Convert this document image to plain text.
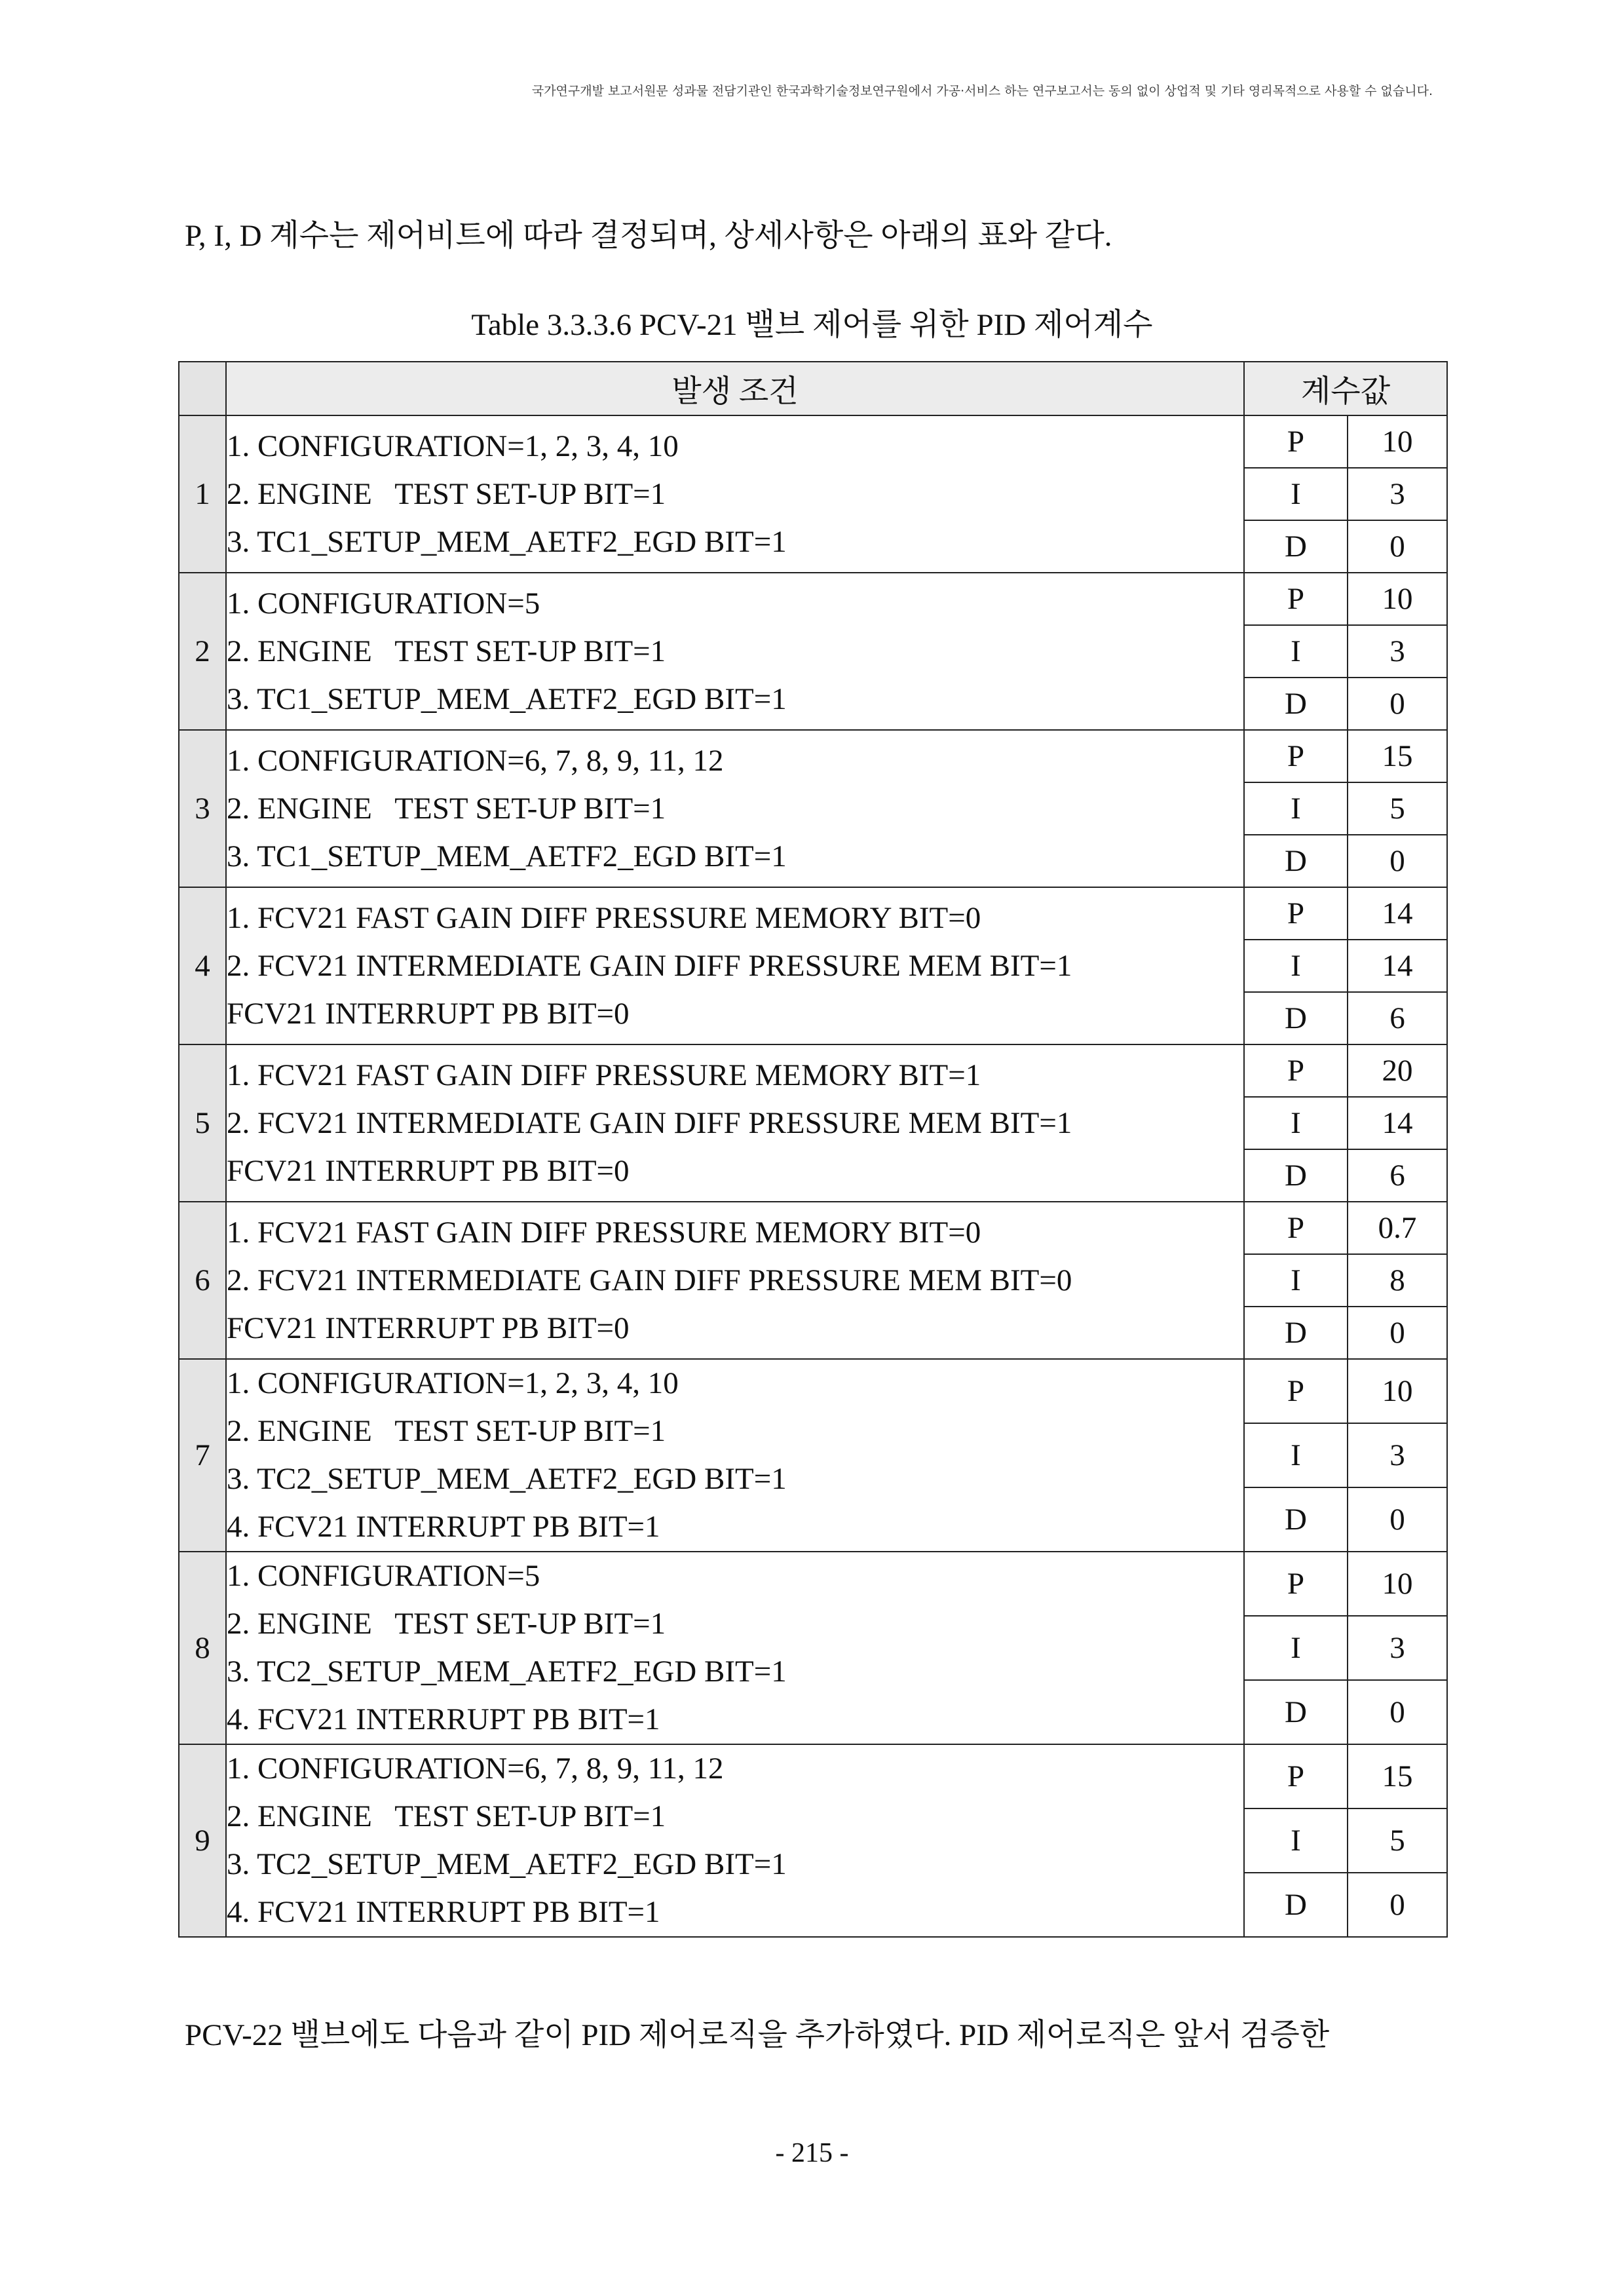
국가연구개발 보고서원문 성과물 전담기관인 한국과학기술정보연구원에서 가공·서비스 하는 연구보고서는 동의 없이 상업적 및 기타 영리목적으로 사용할 수 없습니다.
P, I, D 계수는 제어비트에 따라 결정되며, 상세사항은 아래의 표와 같다.
Table 3.3.3.6 PCV-21 밸브 제어를 위한 PID 제어계수
	발생 조건	계수값	
1	1. CONFIGURATION=1, 2, 3, 4, 10
2. ENGINE   TEST SET-UP BIT=1
3. TC1_SETUP_MEM_AETF2_EGD BIT=1	P	10
		I	3
		D	0
2	1. CONFIGURATION=5
2. ENGINE   TEST SET-UP BIT=1
3. TC1_SETUP_MEM_AETF2_EGD BIT=1	P	10
		I	3
		D	0
3	1. CONFIGURATION=6, 7, 8, 9, 11, 12
2. ENGINE   TEST SET-UP BIT=1
3. TC1_SETUP_MEM_AETF2_EGD BIT=1	P	15
		I	5
		D	0
4	1. FCV21 FAST GAIN DIFF PRESSURE MEMORY BIT=0
2. FCV21 INTERMEDIATE GAIN DIFF PRESSURE MEM BIT=1
FCV21 INTERRUPT PB BIT=0	P	14
		I	14
		D	6
5	1. FCV21 FAST GAIN DIFF PRESSURE MEMORY BIT=1
2. FCV21 INTERMEDIATE GAIN DIFF PRESSURE MEM BIT=1
FCV21 INTERRUPT PB BIT=0	P	20
		I	14
		D	6
6	1. FCV21 FAST GAIN DIFF PRESSURE MEMORY BIT=0
2. FCV21 INTERMEDIATE GAIN DIFF PRESSURE MEM BIT=0
FCV21 INTERRUPT PB BIT=0	P	0.7
		I	8
		D	0
7	1. CONFIGURATION=1, 2, 3, 4, 10
2. ENGINE   TEST SET-UP BIT=1
3. TC2_SETUP_MEM_AETF2_EGD BIT=1
4. FCV21 INTERRUPT PB BIT=1	P	10
		I	3
		D	0
8	1. CONFIGURATION=5
2. ENGINE   TEST SET-UP BIT=1
3. TC2_SETUP_MEM_AETF2_EGD BIT=1
4. FCV21 INTERRUPT PB BIT=1	P	10
		I	3
		D	0
9	1. CONFIGURATION=6, 7, 8, 9, 11, 12
2. ENGINE   TEST SET-UP BIT=1
3. TC2_SETUP_MEM_AETF2_EGD BIT=1
4. FCV21 INTERRUPT PB BIT=1	P	15
		I	5
		D	0
PCV-22 밸브에도 다음과 같이 PID 제어로직을 추가하였다. PID 제어로직은 앞서 검증한
- 215 -
